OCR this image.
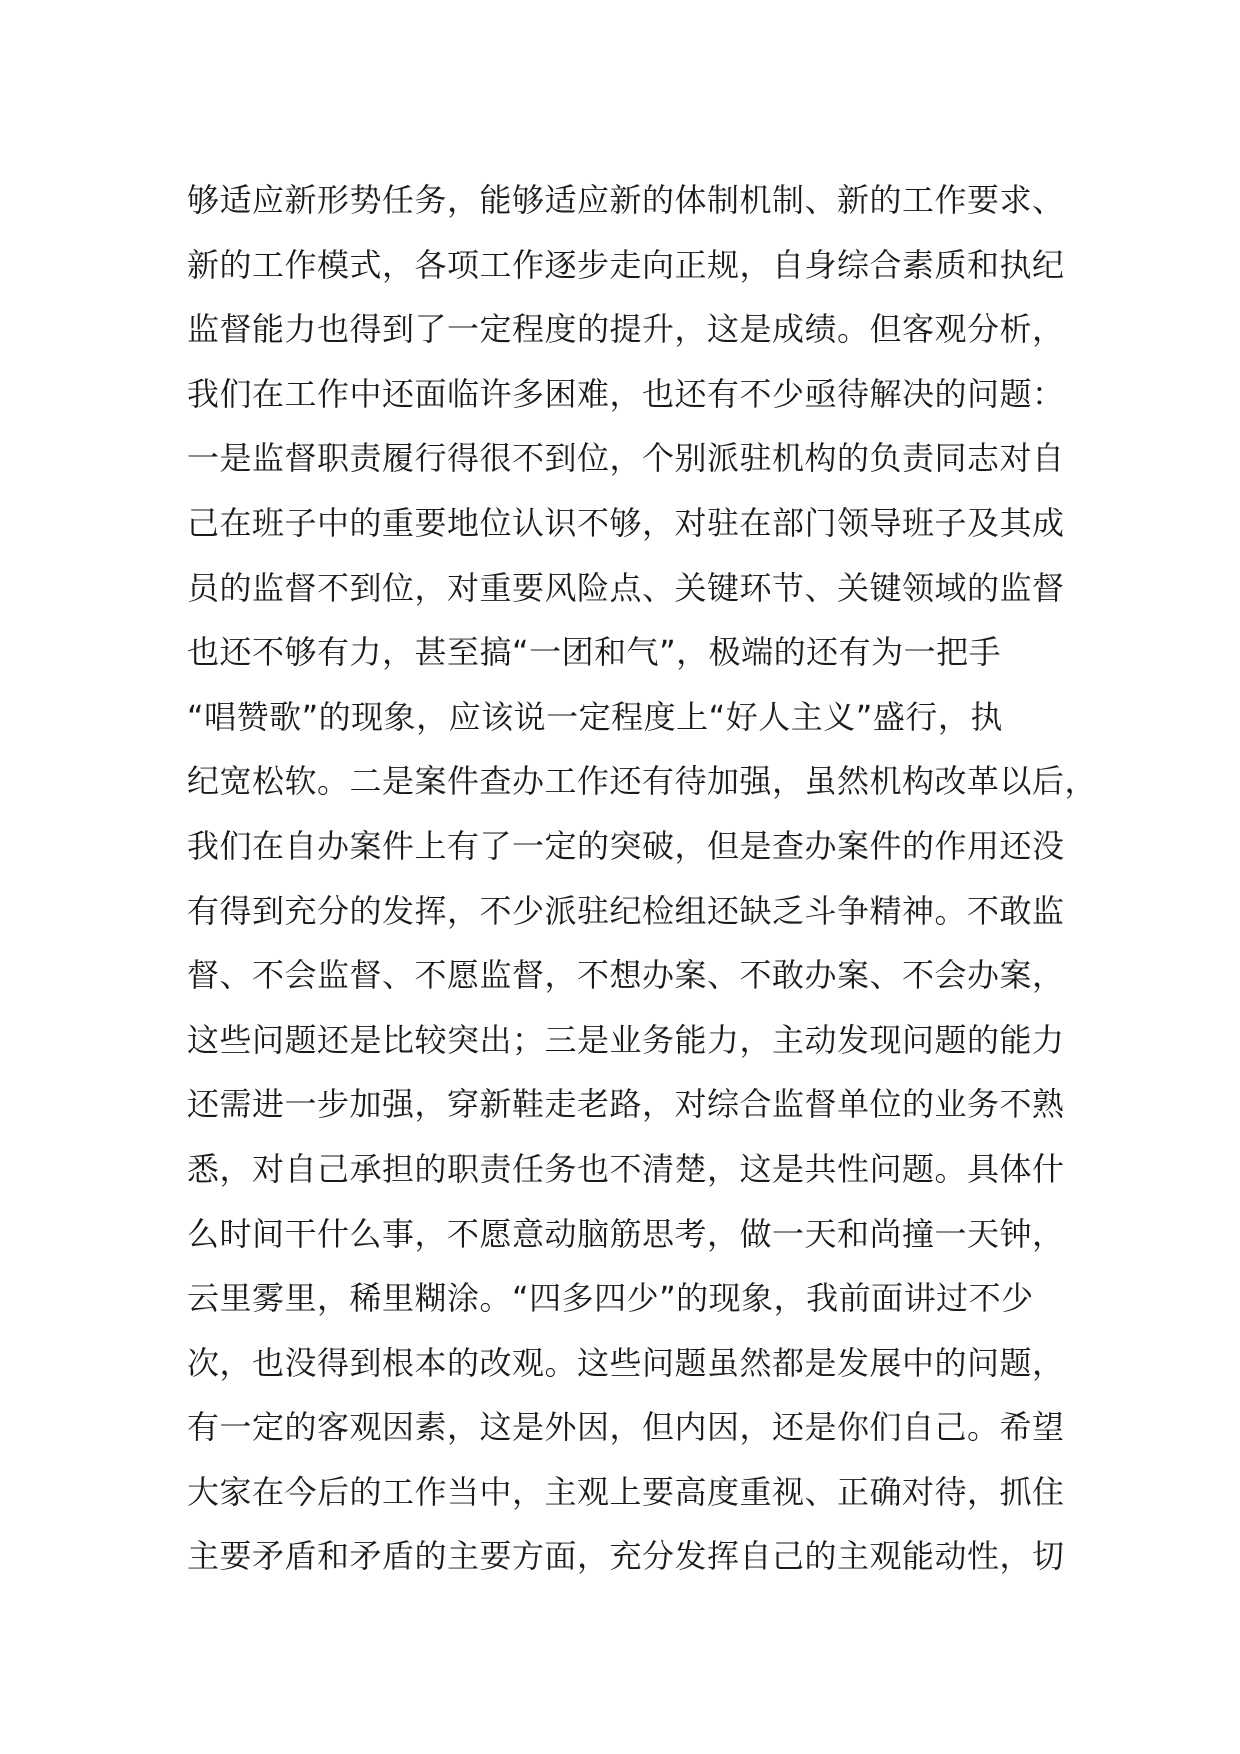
够适应新形势任务，能够适应新的体制机制、新的工作要求、
新的工作模式，各项工作逐步走向正规，自身综合素质和执纪
监督能力也得到了一定程度的提升，这是成绩。但客观分析，
我们在工作中还面临许多困难，也还有不少亟待解决的问题：
一是监督职责履行得很不到位，个别派驻机构的负责同志对自
己在班子中的重要地位认识不够，对驻在部门领导班子及其成
员的监督不到位，对重要风险点、关键环节、关键领域的监督
也还不够有力，甚至搞“一团和气”，极端的还有为一把手
“唱赞歌”的现象，应该说一定程度上“好人主义”盛行，执
纪宽松软。二是案件查办工作还有待加强，虽然机构改革以后，
我们在自办案件上有了一定的突破，但是查办案件的作用还没
有得到充分的发挥，不少派驻纪检组还缺乏斗争精神。不敢监
督、不会监督、不愿监督，不想办案、不敢办案、不会办案，
这些问题还是比较突出；三是业务能力，主动发现问题的能力
还需进一步加强，穿新鞋走老路，对综合监督单位的业务不熟
悉，对自己承担的职责任务也不清楚，这是共性问题。具体什
么时间干什么事，不愿意动脑筋思考，做一天和尚撞一天钟，
云里雾里，稀里糊涂。“四多四少”的现象，我前面讲过不少
次，也没得到根本的改观。这些问题虽然都是发展中的问题，
有一定的客观因素，这是外因，但内因，还是你们自己。希望
大家在今后的工作当中，主观上要高度重视、正确对待，抓住
主要矛盾和矛盾的主要方面，充分发挥自己的主观能动性，切
